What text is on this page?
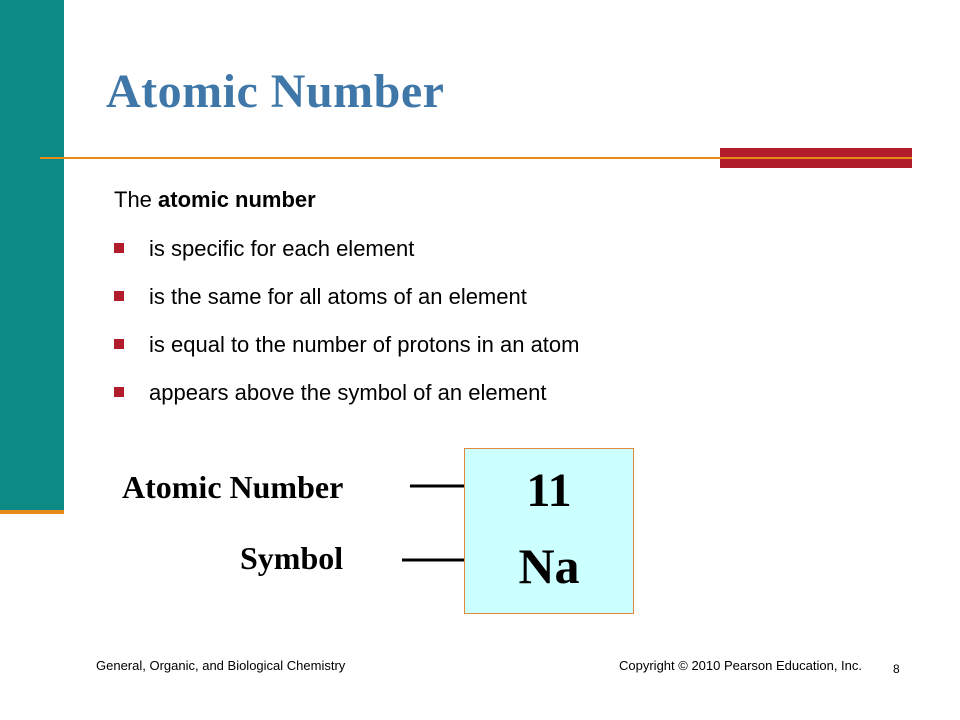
Atomic Number
The atomic number
is specific for each element
is the same for all atoms of an element
is equal to the number of protons in an atom
appears above the symbol of an element
Atomic Number
Symbol
11
Na
General, Organic, and Biological Chemistry	Copyright © 2010 Pearson Education, Inc.	8
